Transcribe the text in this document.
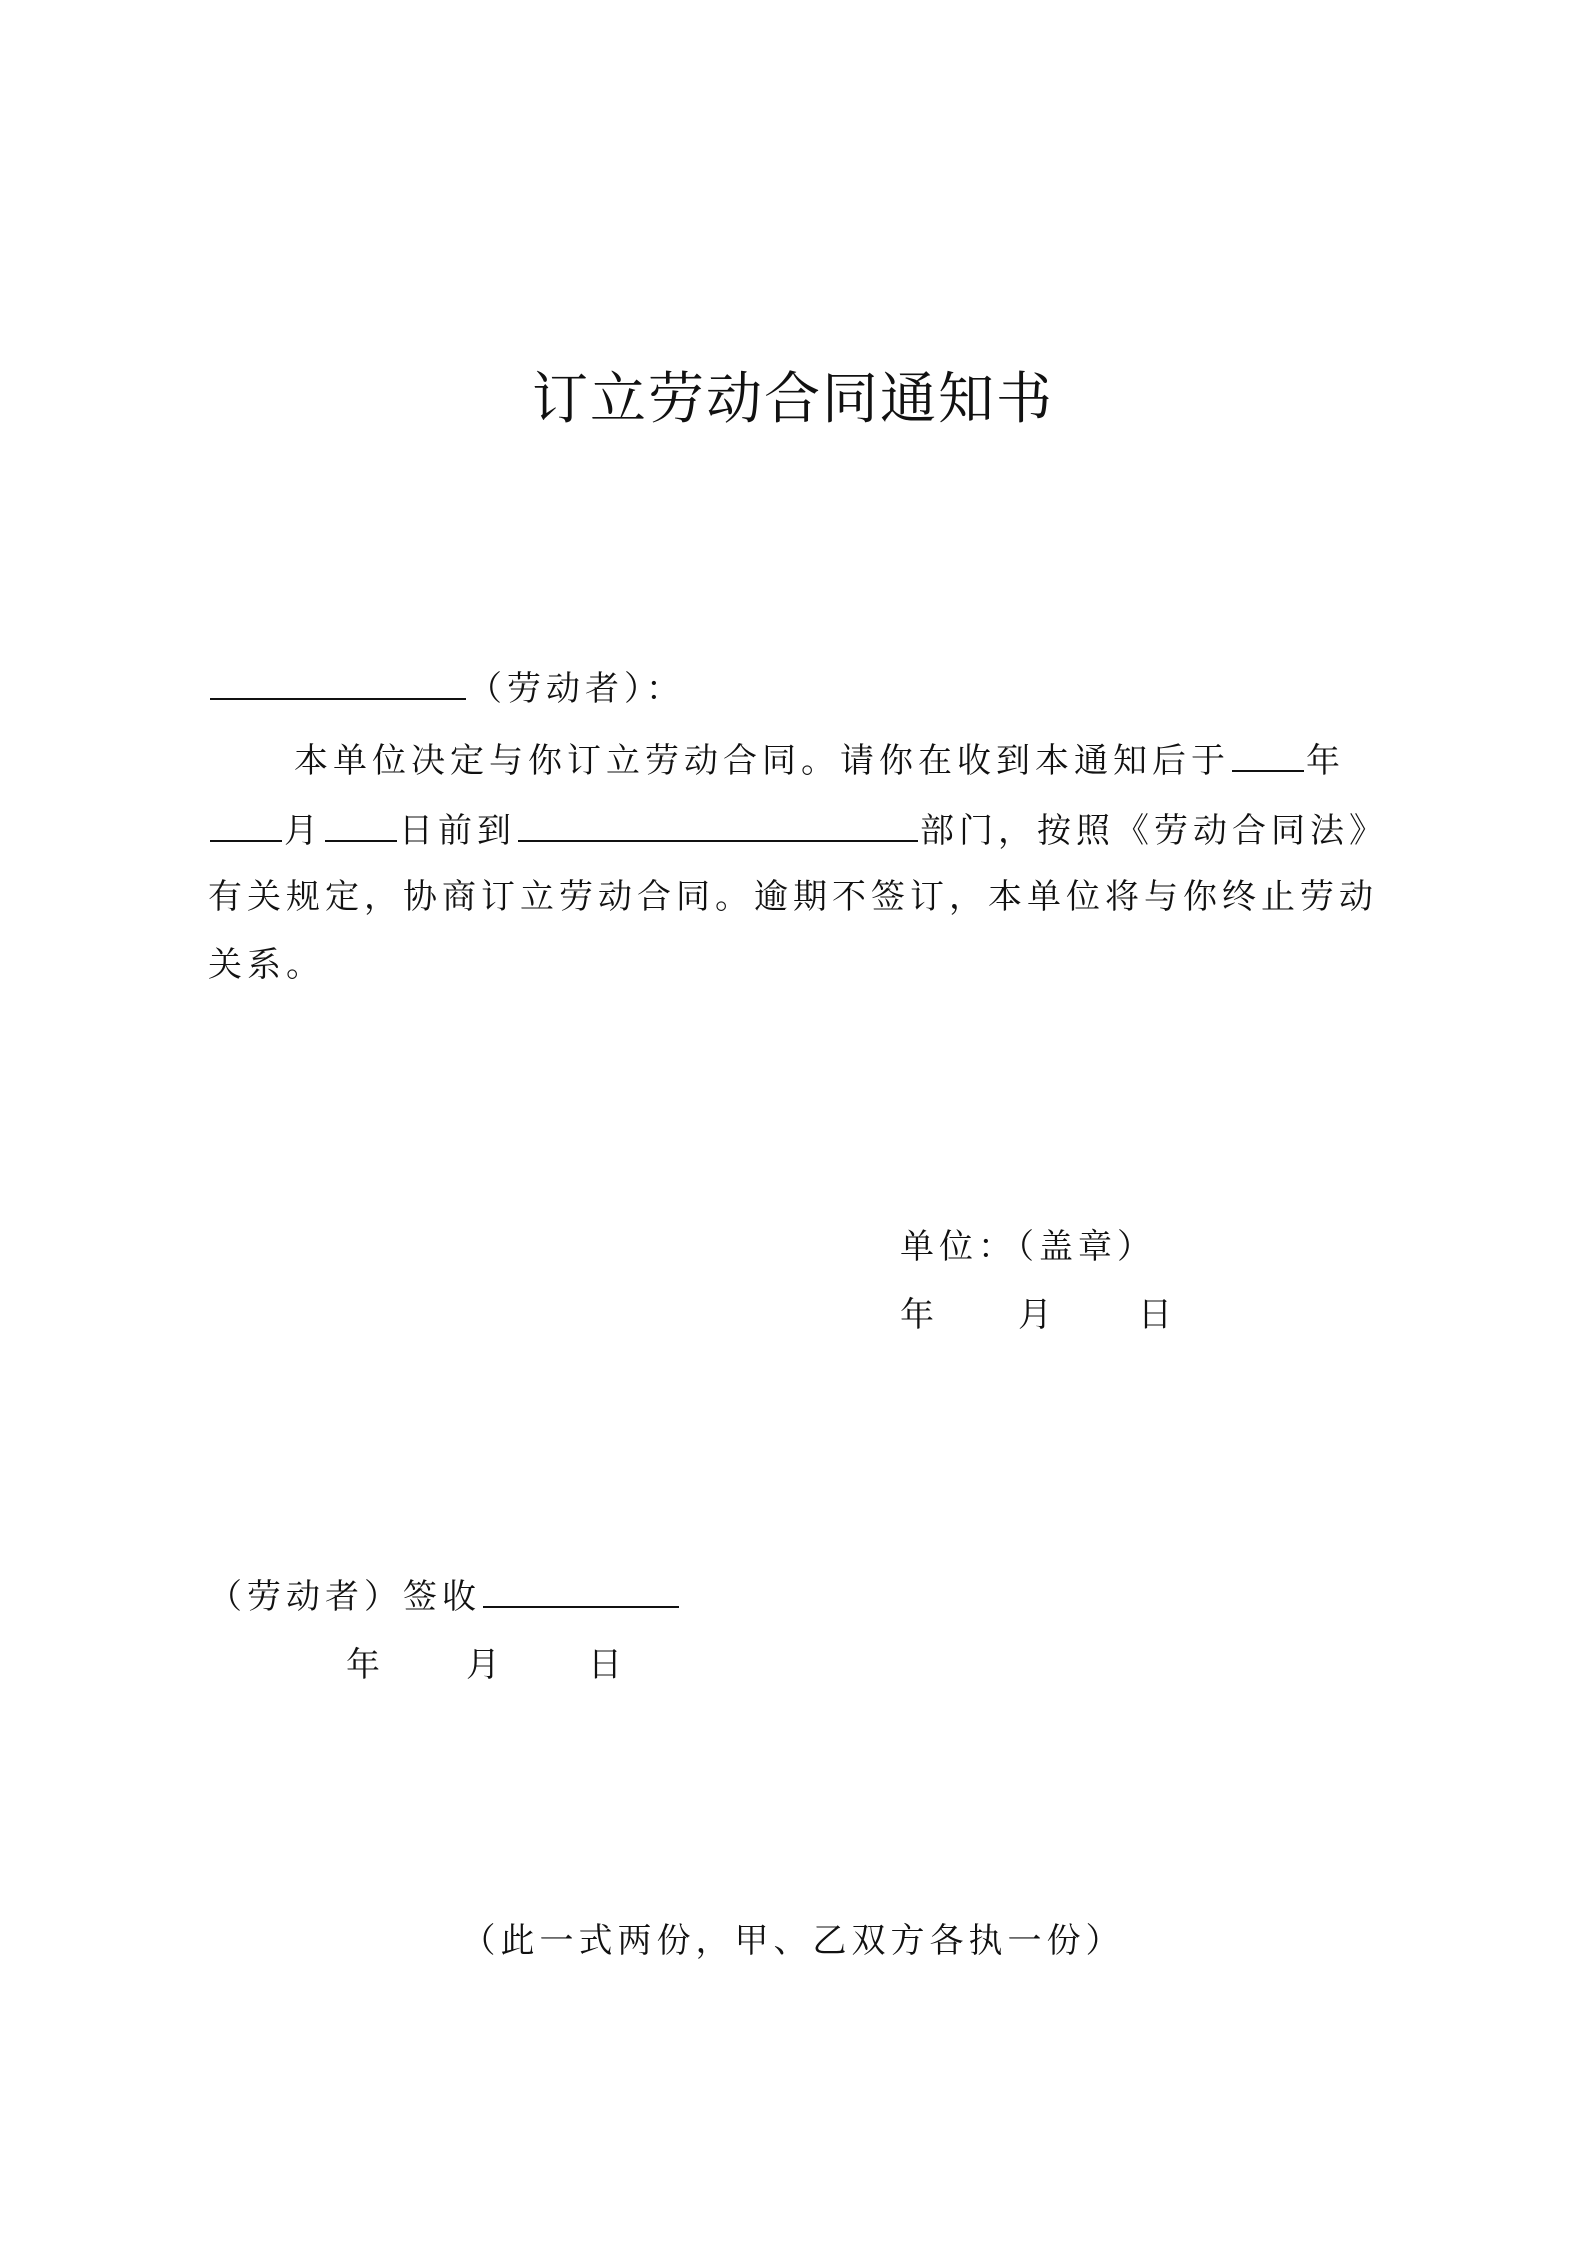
订立劳动合同通知书
（劳动者）：
本单位决定与你订立劳动合同。请你在收到本通知后于 年
月 日前到	部门，按照《劳动合同法》
有关规定，协商订立劳动合同。逾期不签订，本单位将与你终止劳动
关系。
单位：（盖章）
年 月	日
（劳动者）签收
年	月	日
（此一式两份，甲、乙双方各执一份）
